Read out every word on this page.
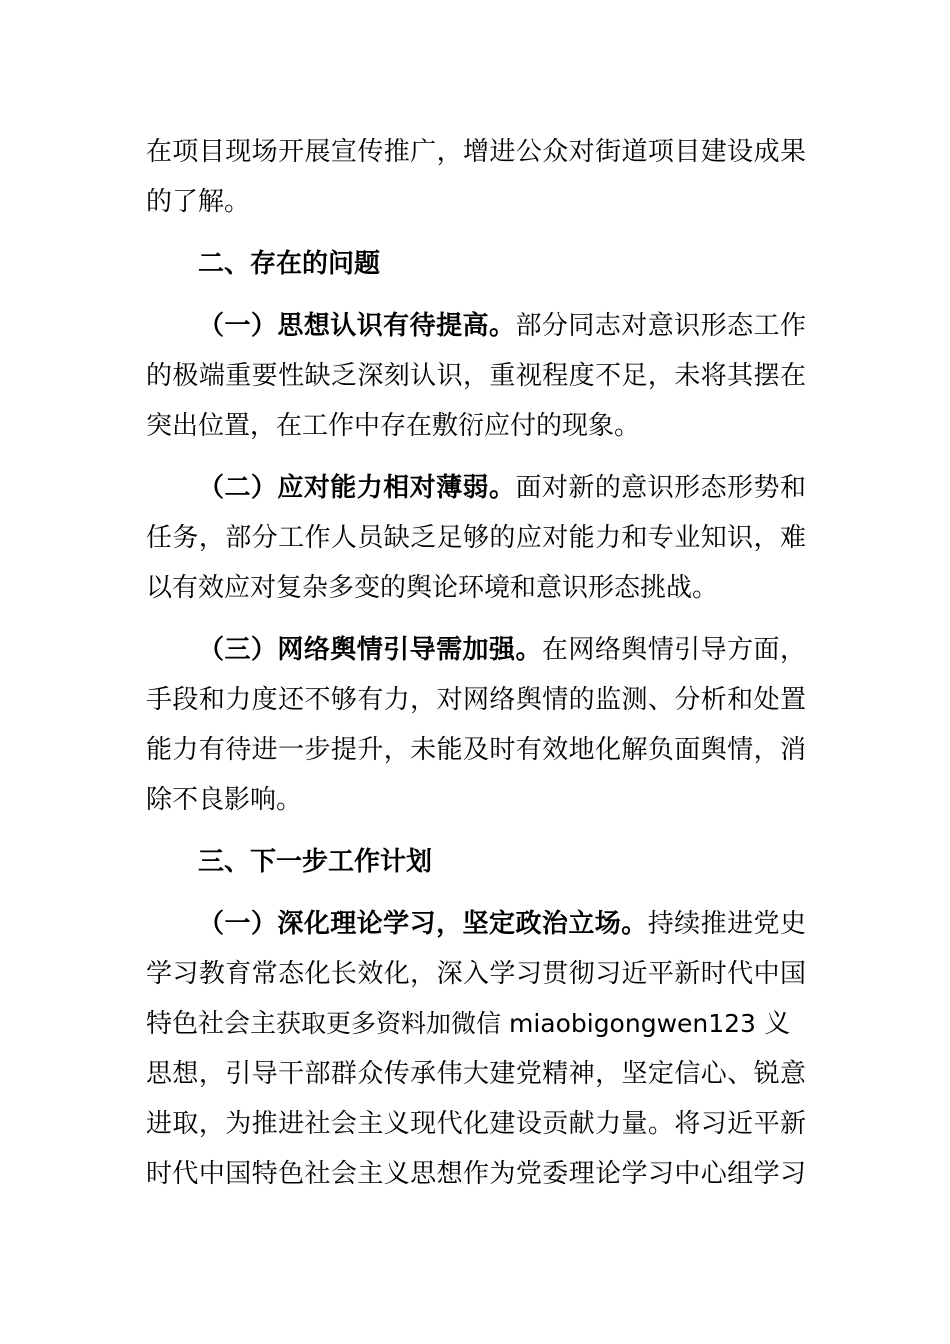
在项目现场开展宣传推广，增进公众对街道项目建设成果
的了解。
二、存在的问题
（一）思想认识有待提高。部分同志对意识形态工作
的极端重要性缺乏深刻认识，重视程度不足，未将其摆在
突出位置，在工作中存在敷衍应付的现象。
（二）应对能力相对薄弱。面对新的意识形态形势和
任务，部分工作人员缺乏足够的应对能力和专业知识，难
以有效应对复杂多变的舆论环境和意识形态挑战。
（三）网络舆情引导需加强。在网络舆情引导方面，
手段和力度还不够有力，对网络舆情的监测、分析和处置
能力有待进一步提升，未能及时有效地化解负面舆情，消
除不良影响。
三、下一步工作计划
（一）深化理论学习，坚定政治立场。持续推进党史
学习教育常态化长效化，深入学习贯彻习近平新时代中国
特色社会主获取更多资料加微信 miaobigongwen123 义
思想，引导干部群众传承伟大建党精神，坚定信心、锐意
进取，为推进社会主义现代化建设贡献力量。将习近平新
时代中国特色社会主义思想作为党委理论学习中心组学习
